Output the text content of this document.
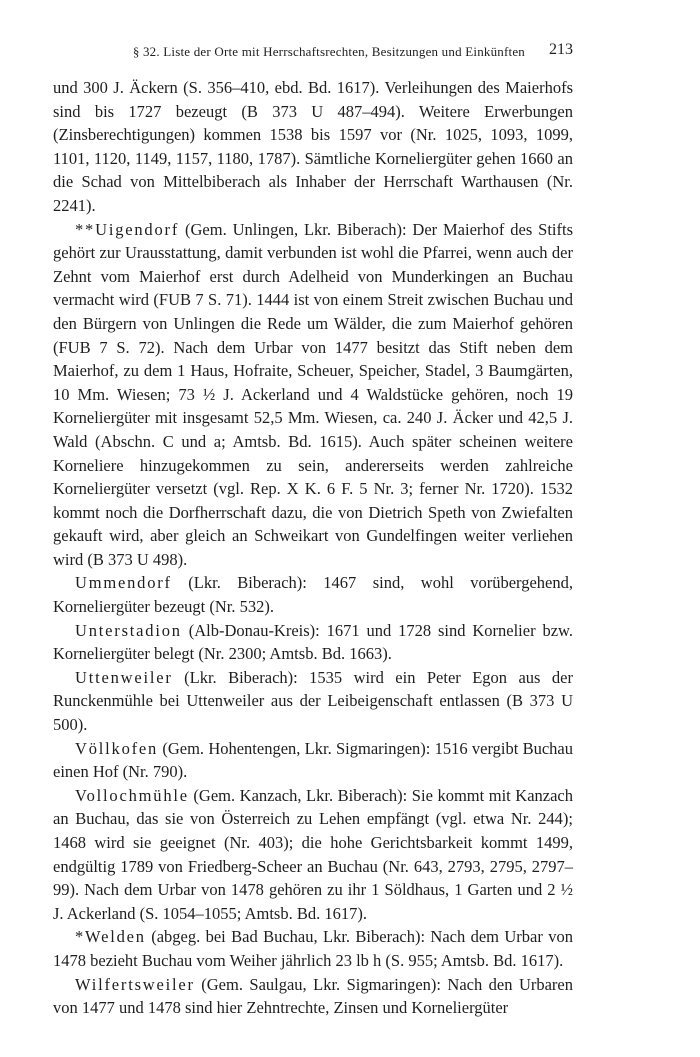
§ 32. Liste der Orte mit Herrschaftsrechten, Besitzungen und Einkünften 213

und 300 J. Äckern (S. 356–410, ebd. Bd. 1617). Verleihungen des Maierhofs sind bis 1727 bezeugt (B 373 U 487–494). Weitere Erwerbungen (Zinsberechtigungen) kommen 1538 bis 1597 vor (Nr. 1025, 1093, 1099, 1101, 1120, 1149, 1157, 1180, 1787). Sämtliche Korneliergüter gehen 1660 an die Schad von Mittelbiberach als Inhaber der Herrschaft Warthausen (Nr. 2241).

**Uigendorf (Gem. Unlingen, Lkr. Biberach): Der Maierhof des Stifts gehört zur Urausstattung, damit verbunden ist wohl die Pfarrei, wenn auch der Zehnt vom Maierhof erst durch Adelheid von Munderkingen an Buchau vermacht wird (FUB 7 S. 71). 1444 ist von einem Streit zwischen Buchau und den Bürgern von Unlingen die Rede um Wälder, die zum Maierhof gehören (FUB 7 S. 72). Nach dem Urbar von 1477 besitzt das Stift neben dem Maierhof, zu dem 1 Haus, Hofraite, Scheuer, Speicher, Stadel, 3 Baumgärten, 10 Mm. Wiesen; 73 ½ J. Ackerland und 4 Waldstücke gehören, noch 19 Korneliergüter mit insgesamt 52,5 Mm. Wiesen, ca. 240 J. Äcker und 42,5 J. Wald (Abschn. C und a; Amtsb. Bd. 1615). Auch später scheinen weitere Korneliere hinzugekommen zu sein, andererseits werden zahlreiche Korneliergüter versetzt (vgl. Rep. X K. 6 F. 5 Nr. 3; ferner Nr. 1720). 1532 kommt noch die Dorfherrschaft dazu, die von Dietrich Speth von Zwiefalten gekauft wird, aber gleich an Schweikart von Gundelfingen weiter verliehen wird (B 373 U 498).

Ummendorf (Lkr. Biberach): 1467 sind, wohl vorübergehend, Korneliergüter bezeugt (Nr. 532).

Unterstadion (Alb-Donau-Kreis): 1671 und 1728 sind Kornelier bzw. Korneliergüter belegt (Nr. 2300; Amtsb. Bd. 1663).

Uttenweiler (Lkr. Biberach): 1535 wird ein Peter Egon aus der Runckenmühle bei Uttenweiler aus der Leibeigenschaft entlassen (B 373 U 500).

Völlkofen (Gem. Hohentengen, Lkr. Sigmaringen): 1516 vergibt Buchau einen Hof (Nr. 790).

Vollochmühle (Gem. Kanzach, Lkr. Biberach): Sie kommt mit Kanzach an Buchau, das sie von Österreich zu Lehen empfängt (vgl. etwa Nr. 244); 1468 wird sie geeignet (Nr. 403); die hohe Gerichtsbarkeit kommt 1499, endgültig 1789 von Friedberg-Scheer an Buchau (Nr. 643, 2793, 2795, 2797–99). Nach dem Urbar von 1478 gehören zu ihr 1 Söldhaus, 1 Garten und 2 ½ J. Ackerland (S. 1054–1055; Amtsb. Bd. 1617).

*Welden (abgeg. bei Bad Buchau, Lkr. Biberach): Nach dem Urbar von 1478 bezieht Buchau vom Weiher jährlich 23 lb h (S. 955; Amtsb. Bd. 1617).

Wilfertsweiler (Gem. Saulgau, Lkr. Sigmaringen): Nach den Urbaren von 1477 und 1478 sind hier Zehntrechte, Zinsen und Korneliergüter
